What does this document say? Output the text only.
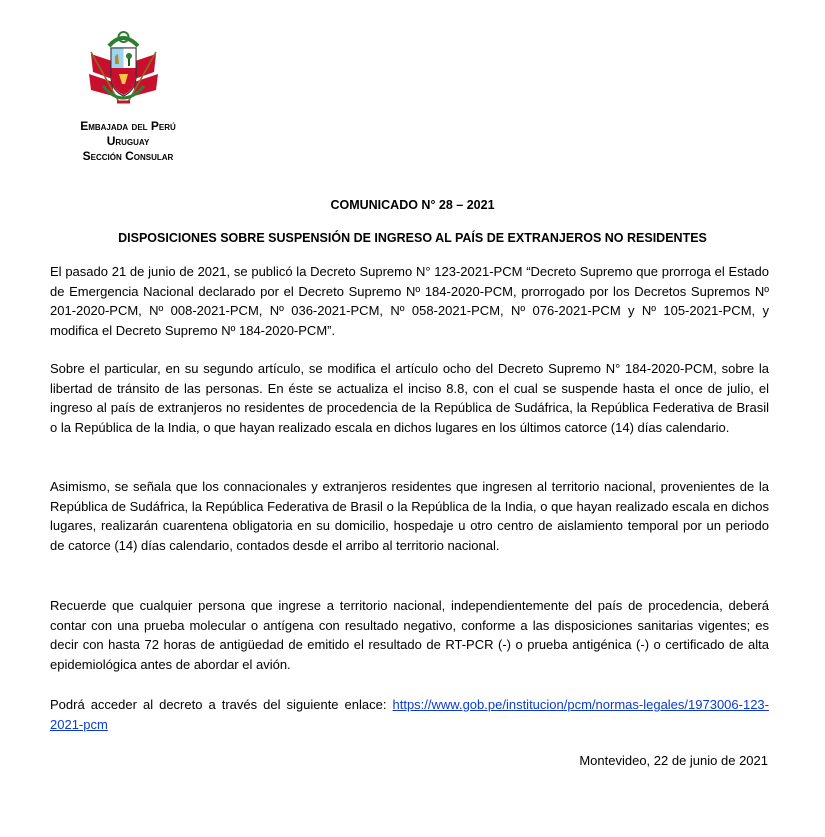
Embajada del Perú
Uruguay
Sección Consular
COMUNICADO N° 28 – 2021
DISPOSICIONES SOBRE SUSPENSIÓN DE INGRESO AL PAÍS DE EXTRANJEROS NO RESIDENTES

El pasado 21 de junio de 2021, se publicó la Decreto Supremo N° 123-2021-PCM “Decreto Supremo que prorroga el Estado de Emergencia Nacional declarado por el Decreto Supremo Nº 184-2020-PCM, prorrogado por los Decretos Supremos Nº 201-2020-PCM, Nº 008-2021-PCM, Nº 036-2021-PCM, Nº 058-2021-PCM, Nº 076-2021-PCM y Nº 105-2021-PCM, y modifica el Decreto Supremo Nº 184-2020-PCM”.

Sobre el particular, en su segundo artículo, se modifica el artículo ocho del Decreto Supremo N° 184-2020-PCM, sobre la libertad de tránsito de las personas. En éste se actualiza el inciso 8.8, con el cual se suspende hasta el once de julio, el ingreso al país de extranjeros no residentes de procedencia de la República de Sudáfrica, la República Federativa de Brasil o la República de la India, o que hayan realizado escala en dichos lugares en los últimos catorce (14) días calendario.

Asimismo, se señala que los connacionales y extranjeros residentes que ingresen al territorio nacional, provenientes de la República de Sudáfrica, la República Federativa de Brasil o la República de la India, o que hayan realizado escala en dichos lugares, realizarán cuarentena obligatoria en su domicilio, hospedaje u otro centro de aislamiento temporal por un periodo de catorce (14) días calendario, contados desde el arribo al territorio nacional.

Recuerde que cualquier persona que ingrese a territorio nacional, independientemente del país de procedencia, deberá contar con una prueba molecular o antígena con resultado negativo, conforme a las disposiciones sanitarias vigentes; es decir con hasta 72 horas de antigüedad de emitido el resultado de RT-PCR (-) o prueba antigénica (-) o certificado de alta epidemiológica antes de abordar el avión.

Podrá acceder al decreto a través del siguiente enlace: https://www.gob.pe/institucion/pcm/normas-legales/1973006-123-2021-pcm

Montevideo, 22 de junio de 2021
